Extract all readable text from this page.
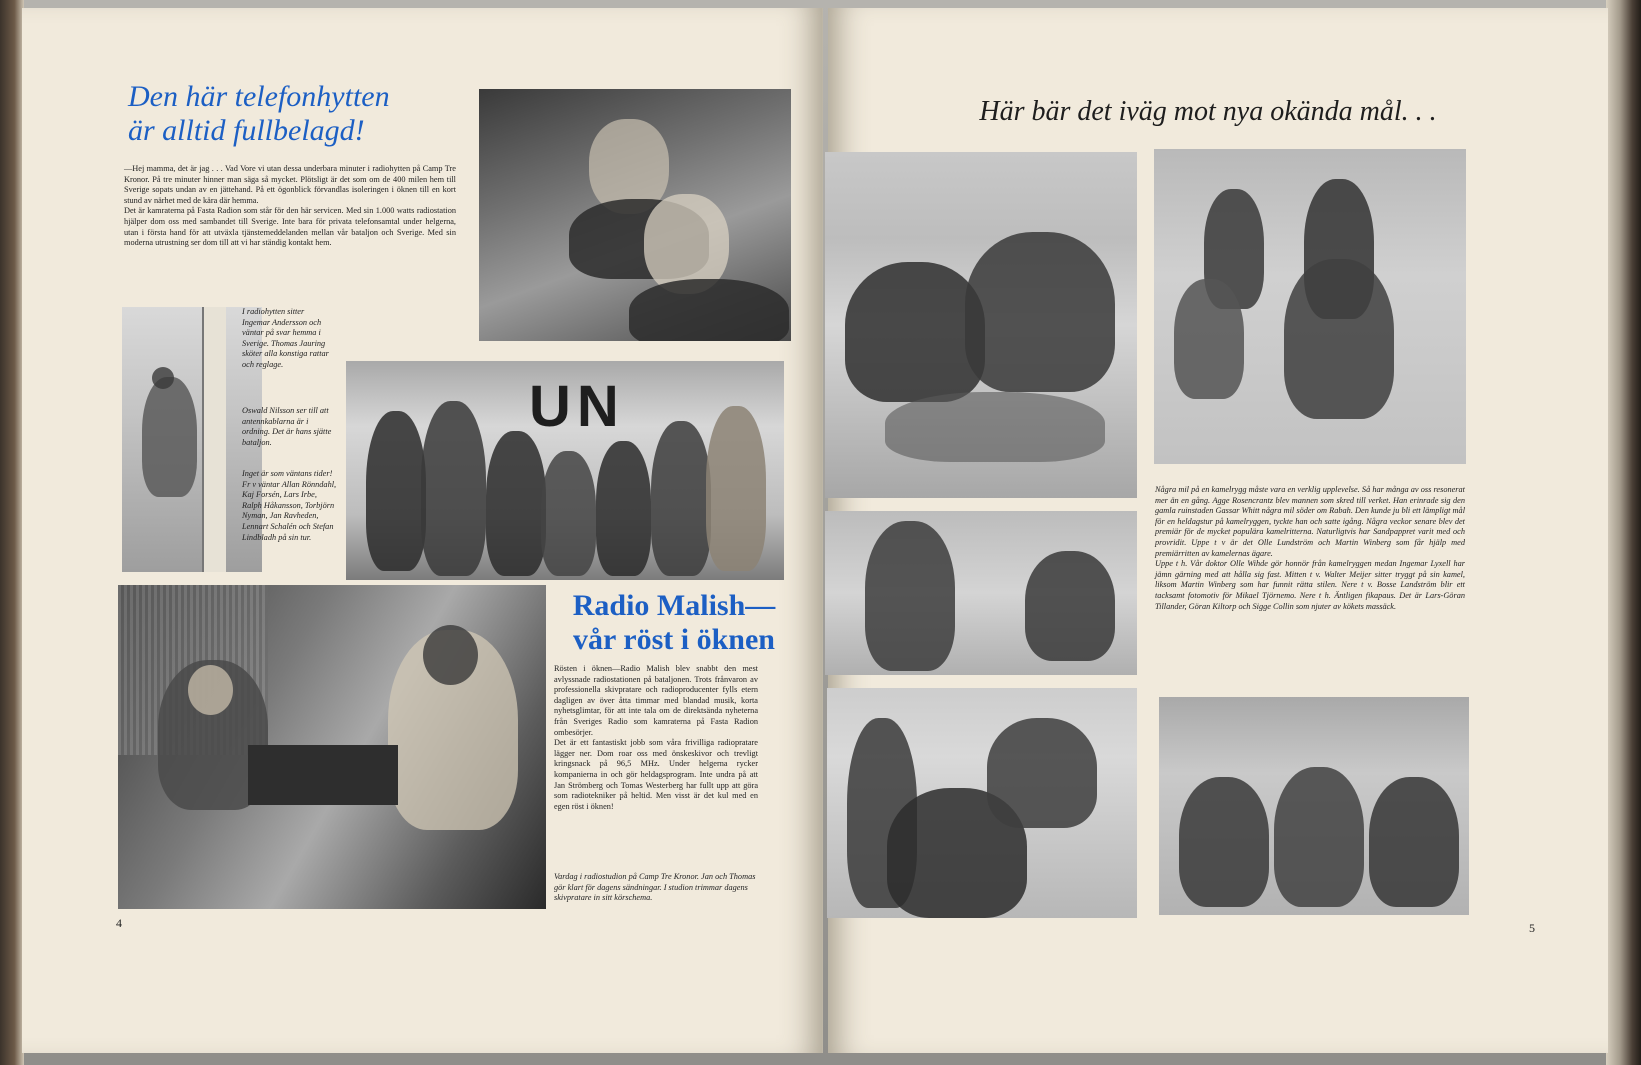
Den här telefonhytten
är alltid fullbelagd!
—Hej mamma, det är jag . . . Vad Vore vi utan dessa underbara minuter i radiohytten på Camp Tre Kronor. På tre minuter hinner man säga så mycket. Plötsligt är det som om de 400 milen hem till Sverige sopats undan av en jättehand. På ett ögonblick förvandlas isoleringen i öknen till en kort stund av närhet med de kära där hemma.
Det är kamraterna på Fasta Radion som står för den här servicen. Med sin 1.000 watts radiostation hjälper dom oss med sambandet till Sverige. Inte bara för privata telefonsamtal under helgerna, utan i första hand för att utväxla tjänstemeddelanden mellan vår bataljon och Sverige. Med sin moderna utrustning ser dom till att vi har ständig kontakt hem.
I radiohytten sitter Ingemar Andersson och väntar på svar hemma i Sverige. Thomas Jauring sköter alla konstiga rattar och reglage.
Oswald Nilsson ser till att antennkablarna är i ordning. Det är hans sjätte bataljon.
Inget är som väntans tider! Fr v väntar Allan Rönndahl, Kaj Forsén, Lars Irbe, Ralph Håkansson, Torbjörn Nyman, Jan Ravheden, Lennart Schalén och Stefan Lindbladh på sin tur.
UN
Radio Malish—
vår röst i öknen
Rösten i öknen—Radio Malish blev snabbt den mest avlyssnade radiostationen på bataljonen. Trots frånvaron av professionella skivpratare och radioproducenter fylls etern dagligen av över åtta timmar med blandad musik, korta nyhetsglimtar, för att inte tala om de direktsända nyheterna från Sveriges Radio som kamraterna på Fasta Radion ombesörjer.
Det är ett fantastiskt jobb som våra frivilliga radiopratare lägger ner. Dom roar oss med önskeskivor och trevligt kringsnack på 96,5 MHz. Under helgerna rycker kompanierna in och gör heldagsprogram. Inte undra på att Jan Strömberg och Tomas Westerberg har fullt upp att göra som radiotekniker på heltid. Men visst är det kul med en egen röst i öknen!
Vardag i radiostudion på Camp Tre Kronor. Jan och Thomas gör klart för dagens sändningar. I studion trimmar dagens skivpratare in sitt körschema.
4
Här bär det iväg mot nya okända mål. . .
Några mil på en kamelrygg måste vara en verklig upplevelse. Så har många av oss resonerat mer än en gång. Agge Rosencrantz blev mannen som skred till verket. Han erinrade sig den gamla ruinstaden Gassar Whitt några mil söder om Rabah. Den kunde ju bli ett lämpligt mål för en heldagstur på kamelryggen, tyckte han och satte igång. Några veckor senare blev det premiär för de mycket populära kamelritterna. Naturligtvis har Sandpappret varit med och provridit. Uppe t v är det Olle Lundström och Martin Winberg som får hjälp med premiärritten av kamelernas ägare.
Uppe t h. Vår doktor Olle Wihde gör honnör från kamelryggen medan Ingemar Lyxell har jämn gärning med att hålla sig fast. Mitten t v. Walter Meijer sitter tryggt på sin kamel, liksom Martin Winberg som har funnit rätta stilen. Nere t v. Bosse Landström blir ett tacksamt fotomotiv för Mikael Tjörnemo. Nere t h. Äntligen fikapaus. Det är Lars-Göran Tillander, Göran Kiltorp och Sigge Collin som njuter av kökets massäck.
5
